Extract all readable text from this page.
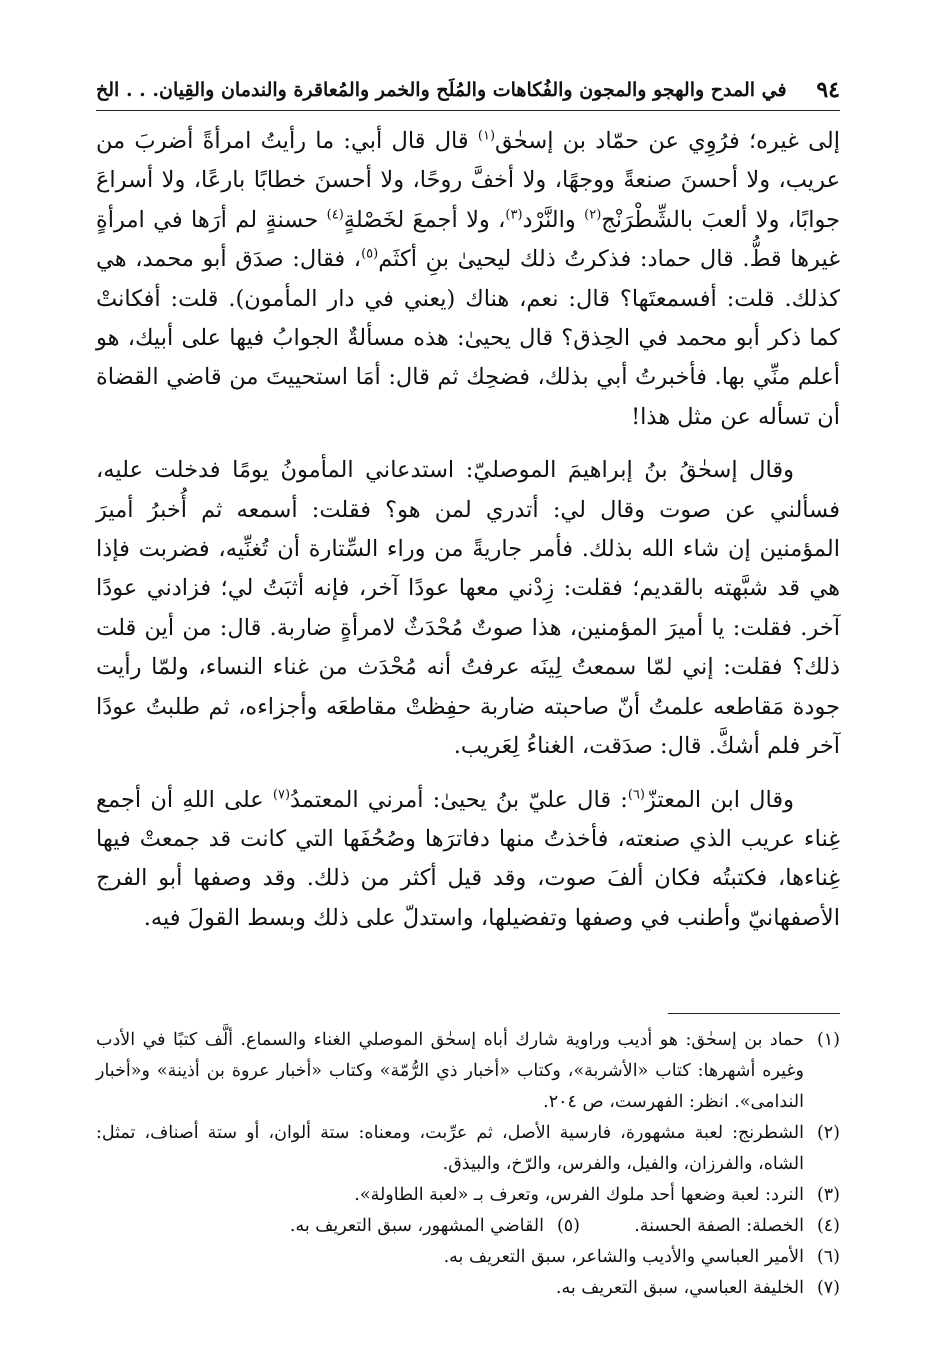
٩٤
في المدح والهجو والمجون والفُكاهات والمُلَح والخمر والمُعاقرة والندمان والقِيان. . . الخ

إلى غيره؛ فرُوِي عن حمّاد بن إسحٰق$^{(١)}$ قال قال أبي: ما رأيتُ امرأةً أضربَ من عريب، ولا أحسنَ صنعةً ووجهًا، ولا أخفَّ روحًا، ولا أحسنَ خطابًا بارعًا، ولا أسراعَ جوابًا، ولا ألعبَ بالشِّطْرَنْج$^{(٢)}$ والنَّرْد$^{(٣)}$، ولا أجمعَ لخَصْلةٍ$^{(٤)}$ حسنةٍ لم أرَها في امرأةٍ غيرها قطُّ. قال حماد: فذكرتُ ذلك ليحيىٰ بنِ أكثَم$^{(٥)}$، فقال: صدَق أبو محمد، هي كذلك. قلت: أفسمعتَها؟ قال: نعم، هناك (يعني في دار المأمون). قلت: أفكانتْ كما ذكر أبو محمد في الحِذق؟ قال يحيىٰ: هذه مسألةٌ الجوابُ فيها على أبيك، هو أعلم منِّي بها. فأخبرتُ أبي بذلك، فضحِك ثم قال: أمَا استحييتَ من قاضي القضاة أن تسأله عن مثل هذا!

وقال إسحٰقُ بنُ إبراهيمَ الموصليّ: استدعاني المأمونُ يومًا فدخلت عليه، فسألني عن صوت وقال لي: أتدري لمن هو؟ فقلت: أسمعه ثم أُخبرُ أميرَ المؤمنين إن شاء الله بذلك. فأمر جاريةً من وراء السِّتارة أن تُغنِّيه، فضربت فإذا هي قد شبَّهته بالقديم؛ فقلت: زِدْني معها عودًا آخر، فإنه أثبَتُ لي؛ فزادني عودًا آخر. فقلت: يا أميرَ المؤمنين، هذا صوتٌ مُحْدَثٌ لامرأةٍ ضاربة. قال: من أين قلت ذلك؟ فقلت: إني لمّا سمعتُ لِينَه عرفتُ أنه مُحْدَث من غناء النساء، ولمّا رأيت جودة مَقاطعه علمتُ أنّ صاحبته ضاربة حفِظتْ مقاطعَه وأجزاءه، ثم طلبتُ عودًا آخر فلم أشكَّ. قال: صدَقت، الغناءُ لِعَريب.

وقال ابن المعتزّ$^{(٦)}$: قال عليّ بنُ يحيىٰ: أمرني المعتمدُ$^{(٧)}$ على اللهِ أن أجمع غِناء عريب الذي صنعته، فأخذتُ منها دفاترَها وصُحُفَها التي كانت قد جمعتْ فيها غِناءها، فكتبتُه فكان ألفَ صوت، وقد قيل أكثر من ذلك. وقد وصفها أبو الفرج الأصفهانيّ وأطنب في وصفها وتفضيلها، واستدلّ على ذلك وبسط القولَ فيه.

(١)
حماد بن إسحٰق: هو أديب وراوية شارك أباه إسحٰق الموصلي الغناء والسماع. ألَّف كتبًا في الأدب وغيره أشهرها: كتاب «الأشربة»، وكتاب «أخبار ذي الرُّمّة» وكتاب «أخبار عروة بن أذينة» و«أخبار الندامى». انظر: الفهرست، ص ٢٠٤.
(٢)
الشطرنج: لعبة مشهورة، فارسية الأصل، ثم عرِّبت، ومعناه: ستة ألوان، أو ستة أصناف، تمثل: الشاه، والفرزان، والفيل، والفرس، والرّخ، والبيذق.
(٣)
النرد: لعبة وضعها أحد ملوك الفرس، وتعرف بـ «لعبة الطاولة».
(٤)
الخصلة: الصفة الحسنة.
(٥)
القاضي المشهور، سبق التعريف به.
(٦)
الأمير العباسي والأديب والشاعر، سبق التعريف به.
(٧)
الخليفة العباسي، سبق التعريف به.
